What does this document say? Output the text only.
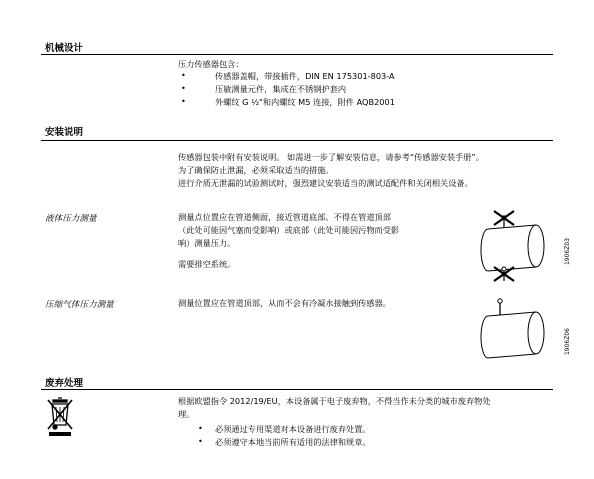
机械设计
压力传感器包含：
•	传感器盖帽，带接插件，DIN EN 175301-803-A
•	压敏测量元件，集成在不锈钢护套内
•	外螺纹 G ½"和内螺纹 M5 连接，附件 AQB2001
安装说明
传感器包装中附有安装说明。 如需进一步了解安装信息，请参考“传感器安装手册”。
为了确保防止泄漏，必须采取适当的措施。
进行介质无泄漏的试验测试时，强烈建议安装适当的测试适配件和关闭相关设备。
液体压力测量	测量点位置应在管道侧面，接近管道底部。不得在管道顶部
（此处可能因气塞而受影响）或底部（此处可能因污物而受影
响）测量压力。
需要排空系统。	1906Z03
压缩气体压力测量	测量位置应在管道顶部，从而不会有冷凝水接触到传感器。
1906Z06
废弃处理
根据欧盟指令 2012/19/EU，本设备属于电子废弃物，不得当作未分类的城市废弃物处
理。
• 必须通过专用渠道对本设备进行废弃处置。
• 必须遵守本地当前所有适用的法律和规章。
